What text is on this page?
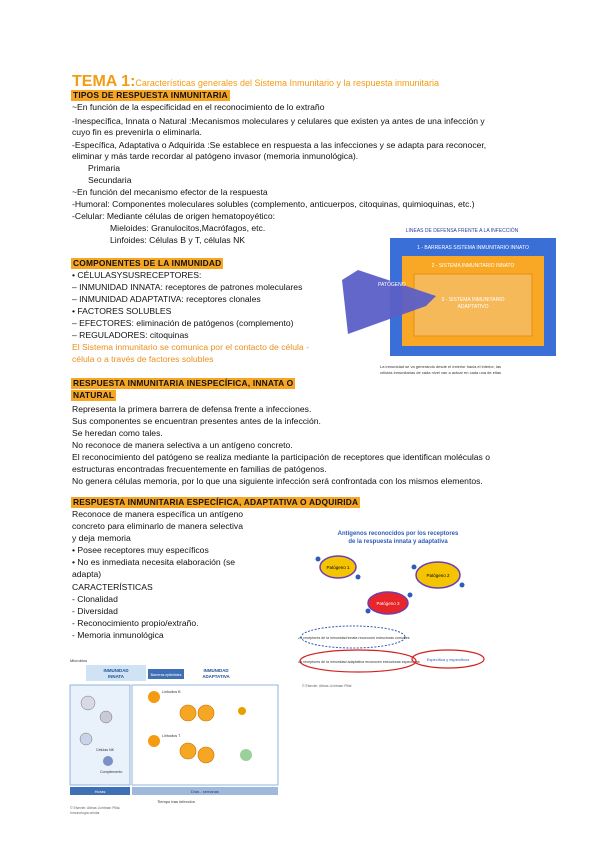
TEMA 1:Características generales del Sistema Inmunitario y la respuesta inmunitaria
TIPOS DE RESPUESTA INMUNITARIA
~En función de la especificidad en el reconocimiento de lo extraño
-Inespecífica, Innata o Natural :Mecanismos moleculares y celulares que existen ya antes de una infección y
cuyo fin es prevenirla o eliminarla.
-Específica, Adaptativa o Adquirida :Se establece en respuesta a las infecciones y se adapta para reconocer,
eliminar y más tarde recordar al patógeno invasor (memoria inmunológica).
Primaria
Secundaria
~En función del mecanismo efector de la respuesta
-Humoral: Componentes moleculares solubles (complemento, anticuerpos, citoquinas, quimioquinas, etc.)
-Celular: Mediante células de origen hematopoyético:
Mieloides: Granulocitos,Macrófagos, etc.
Linfoides: Células B y T, células NK
COMPONENTES DE LA INMUNIDAD
• CÉLULASYSUSRECEPTORES:
– INMUNIDAD INNATA: receptores de patrones moleculares
– INMUNIDAD ADAPTATIVA: receptores clonales
• FACTORES SOLUBLES
– EFECTORES: eliminación de patógenos (complemento)
– REGULADORES: citoquinas
El Sistema inmunitario se comunica por el contacto de célula -
célula o a través de factores solubles
LINEAS DE DEFENSA FRENTE A LA INFECCIÓN
1 - BARRERAS SISTEMA INMUNITARIO INNATO
2 - SISTEMA INMUNITARIO INNATO
3 - SISTEMA INMUNITARIO
ADAPTATIVO
PATÓGENO
La inmunidad se va generando desde el exterior hacia el interior, las
células inmunitarias de cada nivel van a actuar en cada una de ellas
RESPUESTA INMUNITARIA INESPECÍFICA, INNATA O
NATURAL
Representa la primera barrera de defensa frente a infecciones.
Sus componentes se encuentran presentes antes de la infección.
Se heredan como tales.
No reconoce de manera selectiva a un antígeno concreto.
El reconocimiento del patógeno se realiza mediante la participación de receptores que identifican moléculas o
estructuras encontradas frecuentemente en familias de patógenos.
No genera células memoria, por lo que una siguiente infección será confrontada con los mismos elementos.
RESPUESTA INMUNITARIA ESPECÍFICA, ADAPTATIVA O ADQUIRIDA
Reconoce de manera específica un antígeno
concreto para eliminarlo de manera selectiva
y deja memoria
• Posee receptores muy específicos
• No es inmediata necesita elaboración (se
adapta)
CARACTERÍSTICAS
- Clonalidad
- Diversidad
- Reconocimiento propio/extraño.
- Memoria inmunológica
Antígenos reconocidos por los receptores
de la respuesta innata y adaptativa
Patógeno 1
Patógeno 2
Patógeno 3
Los receptores de la inmunidad innata reconocen estructuras comunes
Los receptores de la inmunidad adaptativa reconocen estructuras específicas Específica y específicos
© Elsevier. Abbas Lichtman Pillai
Microbios
INMUNIDAD
INNATA	Barreras epiteliales
INMUNIDAD
ADAPTATIVA
Células NK
Complemento
Linfocitos B
Linfocitos T
Horas	Días - semanas
Tiempo tras infección
© Elsevier. Abbas Lichtman Pillai.
Inmunología celular
